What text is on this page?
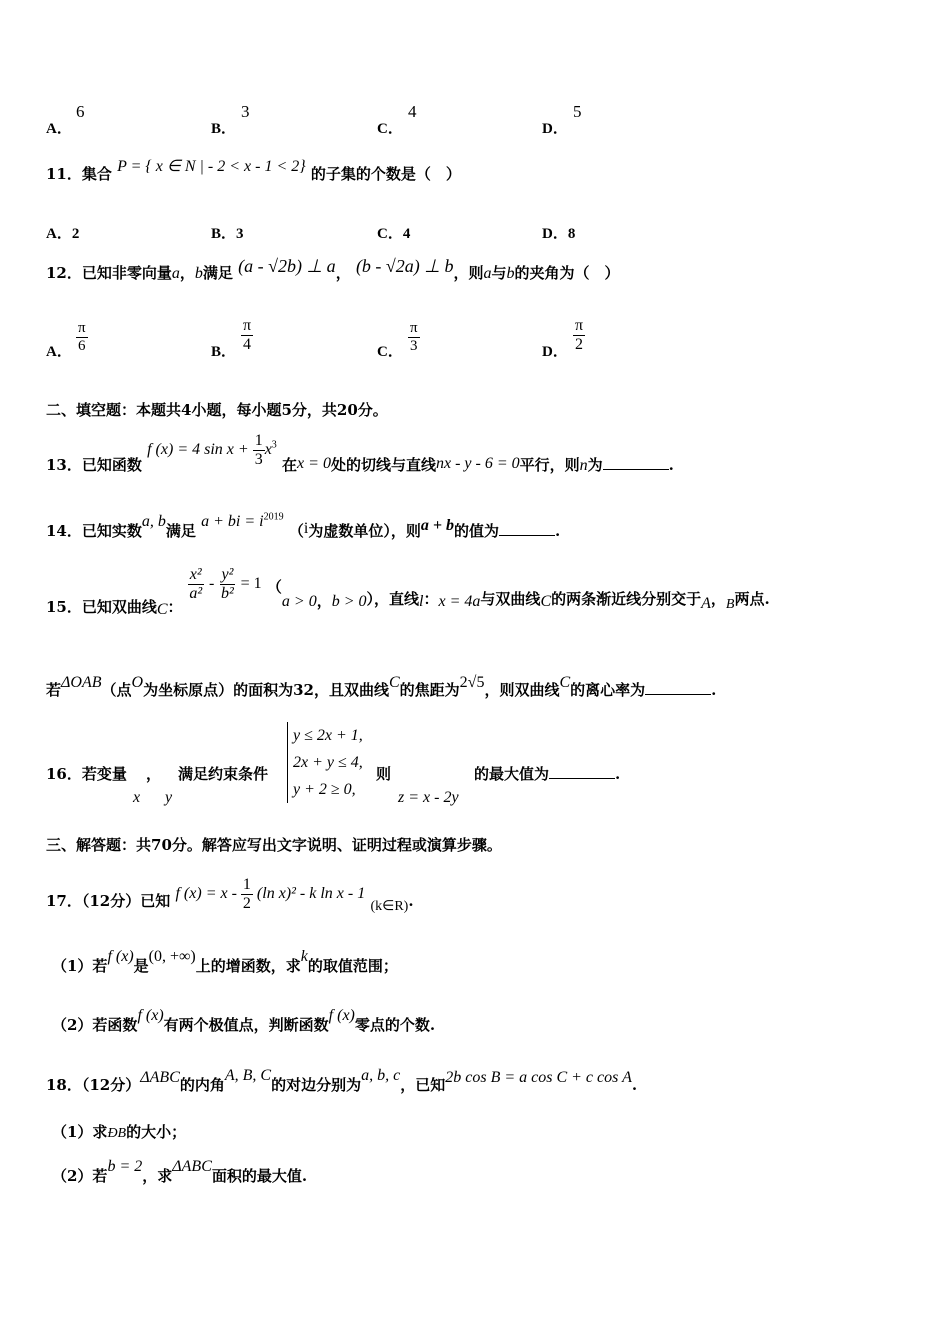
A．
6
B．
3
C．
4
D．
5
11．集合 P = { x ∈ N | - 2 < x - 1 < 2} 的子集的个数是（　）
A．2	B．3	C．4	D．8
12．已知非零向量a，b满足 (a - √2b) ⊥ a， (b - √2a) ⊥ b，则a与b的夹角为（　）
A． $\frac{\pi}{6}$	B． $\frac{\pi}{4}$	C． $\frac{\pi}{3}$	D． $\frac{\pi}{2}$
二、填空题：本题共4小题，每小题5分，共20分。
13．已知函数 f (x) = 4 $\sin x + \frac{1}{3} x^3$ 在x = 0处的切线与直线nx - y - 6 = 0平行，则n为	.
14．已知实数a, b满足 a + bi = $i^{2019}$ （i为虚数单位），则a + b的值为	.
15．已知双曲线C：
$\frac{\text{x²}}{\text{a²}} - \frac{\text{y²}}{\text{b²}} = 1$ （a > 0，b > 0），直线l：x = 4a与双曲线C的两条渐近线分别交于A，B两点.
若ΔOAB（点O为坐标原点）的面积为32，且双曲线C的焦距为2√5，则双曲线C的离心率为	.
16．若变量 ， 满足约束条件
y ≤ 2x + 1,
2x + y ≤ 4,
y + 2 ≥ 0,
则
x y	z = x - 2y
的最大值为	.
三、解答题：共70分。解答应写出文字说明、证明过程或演算步骤。
17．（12分）已知 f $(x) = x - \frac{1}{2} (\ln$ x)² - k ln x - 1 (k∈R).
（1）若f (x)是(0, +∞)上的增函数，求k的取值范围；
（2）若函数f (x)有两个极值点，判断函数f (x)零点的个数.
18．（12分）ΔABC的内角A, B, C的对边分别为a, b, c，已知2b cos B = a cos C + c cos A.
（1）求ÐB的大小；
（2）若b = 2，求ΔABC面积的最大值.
